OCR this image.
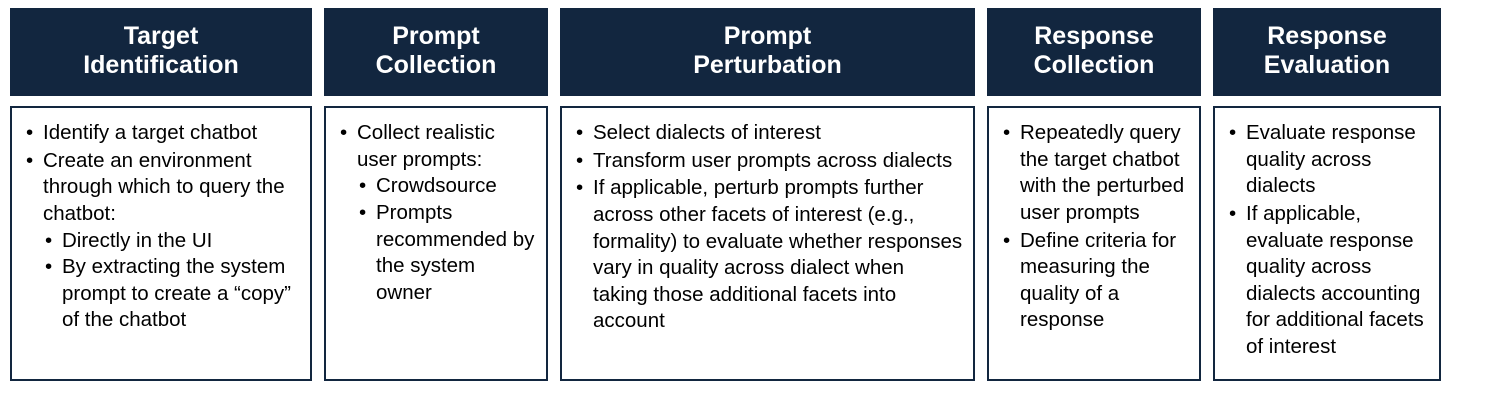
Target
Identification
• Identify a target chatbot
• Create an environment through which to query the chatbot:
• Directly in the UI
• By extracting the system prompt to create a “copy” of the chatbot
Prompt
Collection
• Collect realistic user prompts:
• Crowdsource
• Prompts recommended by the system owner
Prompt
Perturbation
• Select dialects of interest
• Transform user prompts across dialects
• If applicable, perturb prompts further across other facets of interest (e.g., formality) to evaluate whether responses vary in quality across dialect when taking those additional facets into account
Response
Collection
• Repeatedly query the target chatbot with the perturbed user prompts
• Define criteria for measuring the quality of a response
Response
Evaluation
• Evaluate response quality across dialects
• If applicable, evaluate response quality across dialects accounting for additional facets of interest
